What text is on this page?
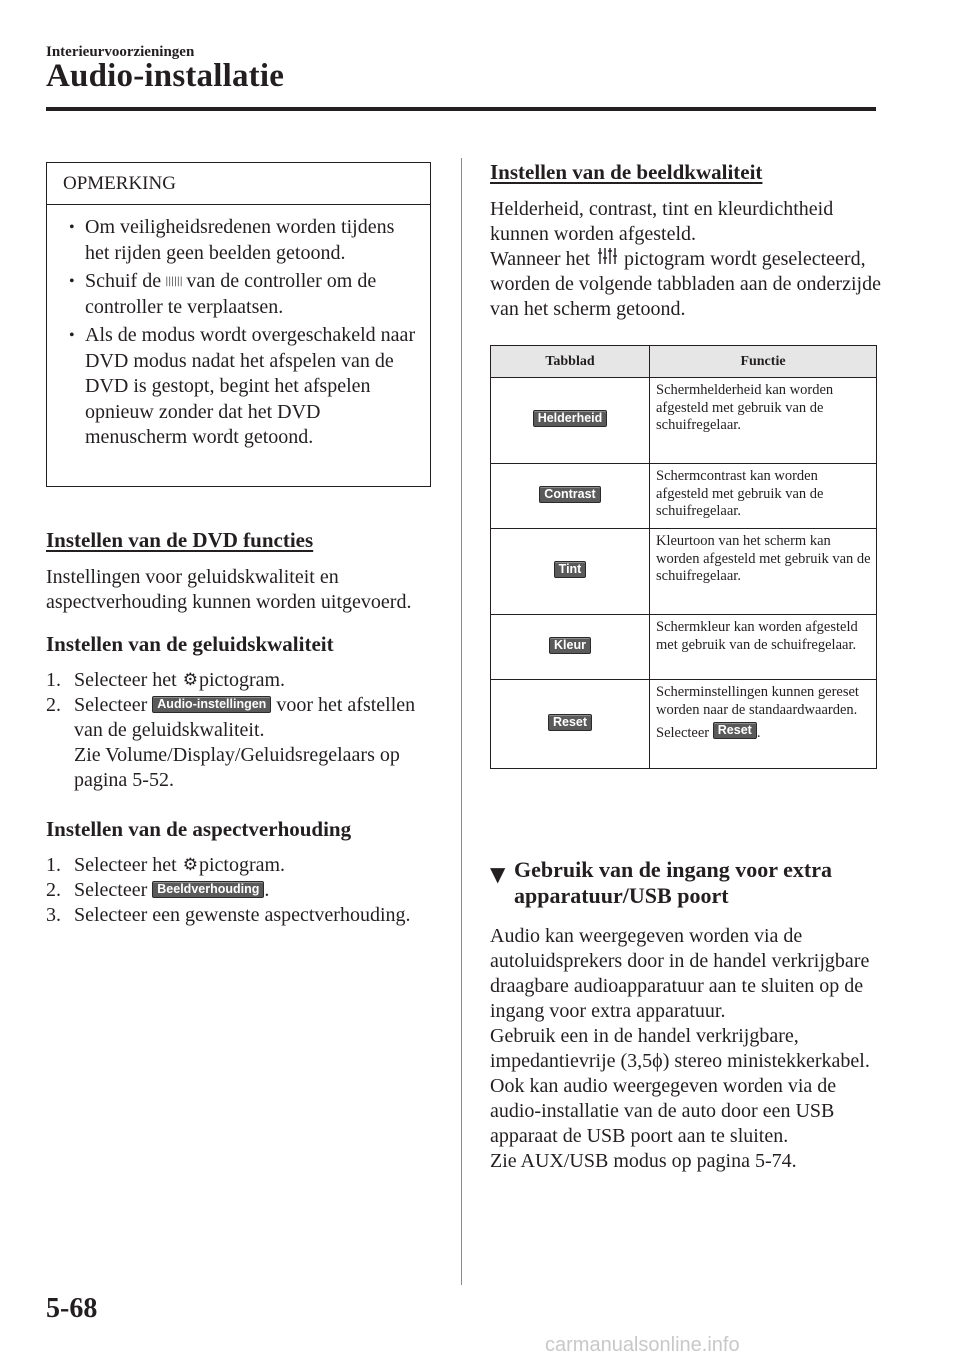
Interieurvoorzieningen
Audio-installatie
OPMERKING
• Om veiligheidsredenen worden tijdens het rijden geen beelden getoond.
• Schuif de |||||| van de controller om de controller te verplaatsen.
• Als de modus wordt overgeschakeld naar DVD modus nadat het afspelen van de DVD is gestopt, begint het afspelen opnieuw zonder dat het DVD menuscherm wordt getoond.
Instellen van de DVD functies
Instellingen voor geluidskwaliteit en aspectverhouding kunnen worden uitgevoerd.
Instellen van de geluidskwaliteit
1. Selecteer het ⚙pictogram.
2. Selecteer Audio-instellingen voor het afstellen van de geluidskwaliteit.
Zie Volume/Display/Geluidsregelaars op pagina 5-52.
Instellen van de aspectverhouding
1. Selecteer het ⚙pictogram.
2. Selecteer Beeldverhouding .
3. Selecteer een gewenste aspectverhouding.
Instellen van de beeldkwaliteit
Helderheid, contrast, tint en kleurdichtheid kunnen worden afgesteld.
Wanneer het pictogram wordt geselecteerd, worden de volgende tabbladen aan de onderzijde van het scherm getoond.
Tabblad	Functie
Helderheid	Schermhelderheid kan worden afgesteld met gebruik van de schuifregelaar.
Contrast	Schermcontrast kan worden afgesteld met gebruik van de schuifregelaar.
Tint	Kleurtoon van het scherm kan worden afgesteld met gebruik van de schuifregelaar.
Kleur	Schermkleur kan worden afgesteld met gebruik van de schuifregelaar.
Reset	Scherminstellingen kunnen gereset worden naar de standaardwaarden.
Selecteer Reset .
▼ Gebruik van de ingang voor extra apparatuur/USB poort
Audio kan weergegeven worden via de autoluidsprekers door in de handel verkrijgbare draagbare audioapparatuur aan te sluiten op de ingang voor extra apparatuur.
Gebruik een in de handel verkrijgbare, impedantievrije (3,5ϕ) stereo ministekkerkabel.
Ook kan audio weergegeven worden via de audio-installatie van de auto door een USB apparaat de USB poort aan te sluiten.
Zie AUX/USB modus op pagina 5-74.
5-68
carmanualsonline.info
